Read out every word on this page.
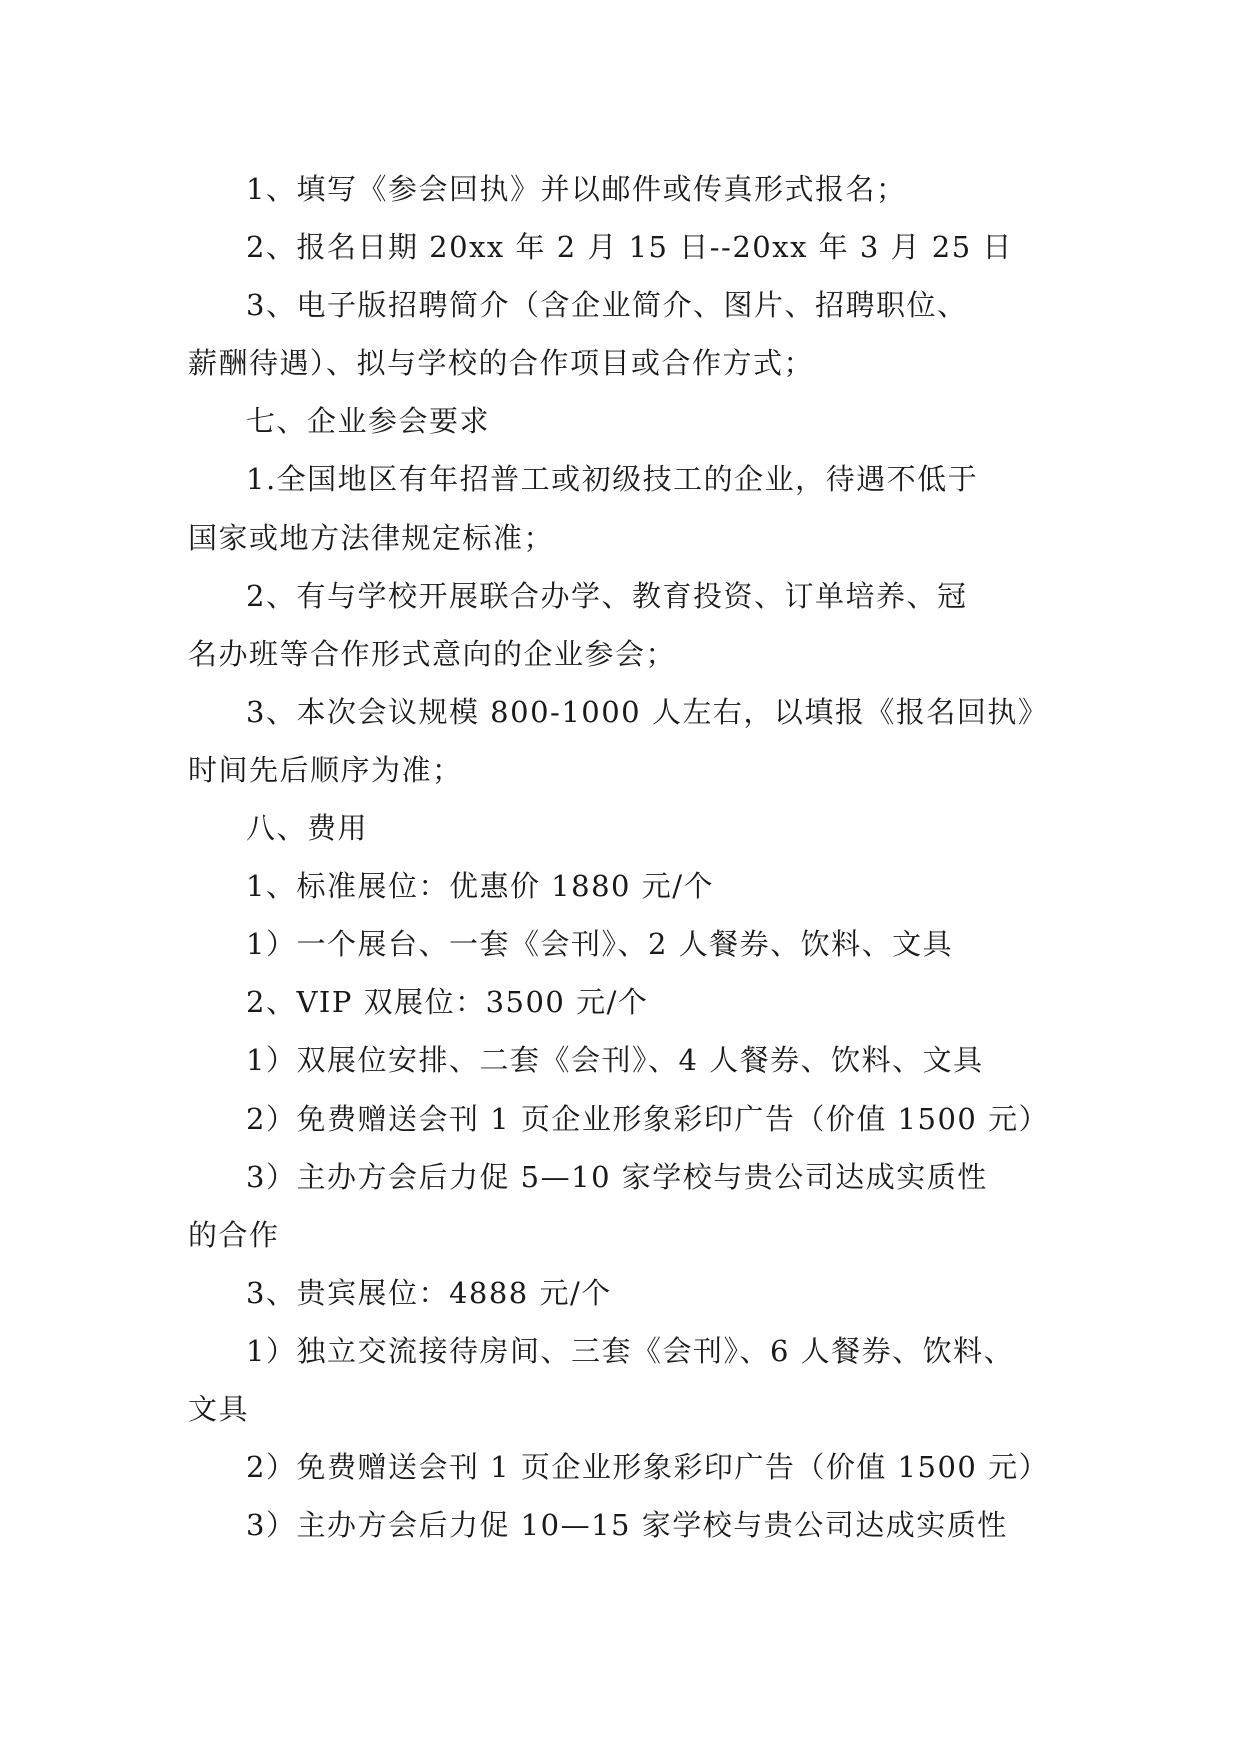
1、填写《参会回执》并以邮件或传真形式报名；
2、报名日期 20xx 年 2 月 15 日--20xx 年 3 月 25 日
3、电子版招聘简介（含企业简介、图片、招聘职位、
薪酬待遇）、拟与学校的合作项目或合作方式；
七、企业参会要求
1.全国地区有年招普工或初级技工的企业，待遇不低于
国家或地方法律规定标准；
2、有与学校开展联合办学、教育投资、订单培养、冠
名办班等合作形式意向的企业参会；
3、本次会议规模 800-1000 人左右，以填报《报名回执》
时间先后顺序为准；
八、费用
1、标准展位：优惠价 1880 元/个
1）一个展台、一套《会刊》、2 人餐券、饮料、文具
2、VIP 双展位：3500 元/个
1）双展位安排、二套《会刊》、4 人餐券、饮料、文具
2）免费赠送会刊 1 页企业形象彩印广告（价值 1500 元）
3）主办方会后力促 5—10 家学校与贵公司达成实质性
的合作
3、贵宾展位：4888 元/个
1）独立交流接待房间、三套《会刊》、6 人餐券、饮料、
文具
2）免费赠送会刊 1 页企业形象彩印广告（价值 1500 元）
3）主办方会后力促 10—15 家学校与贵公司达成实质性
